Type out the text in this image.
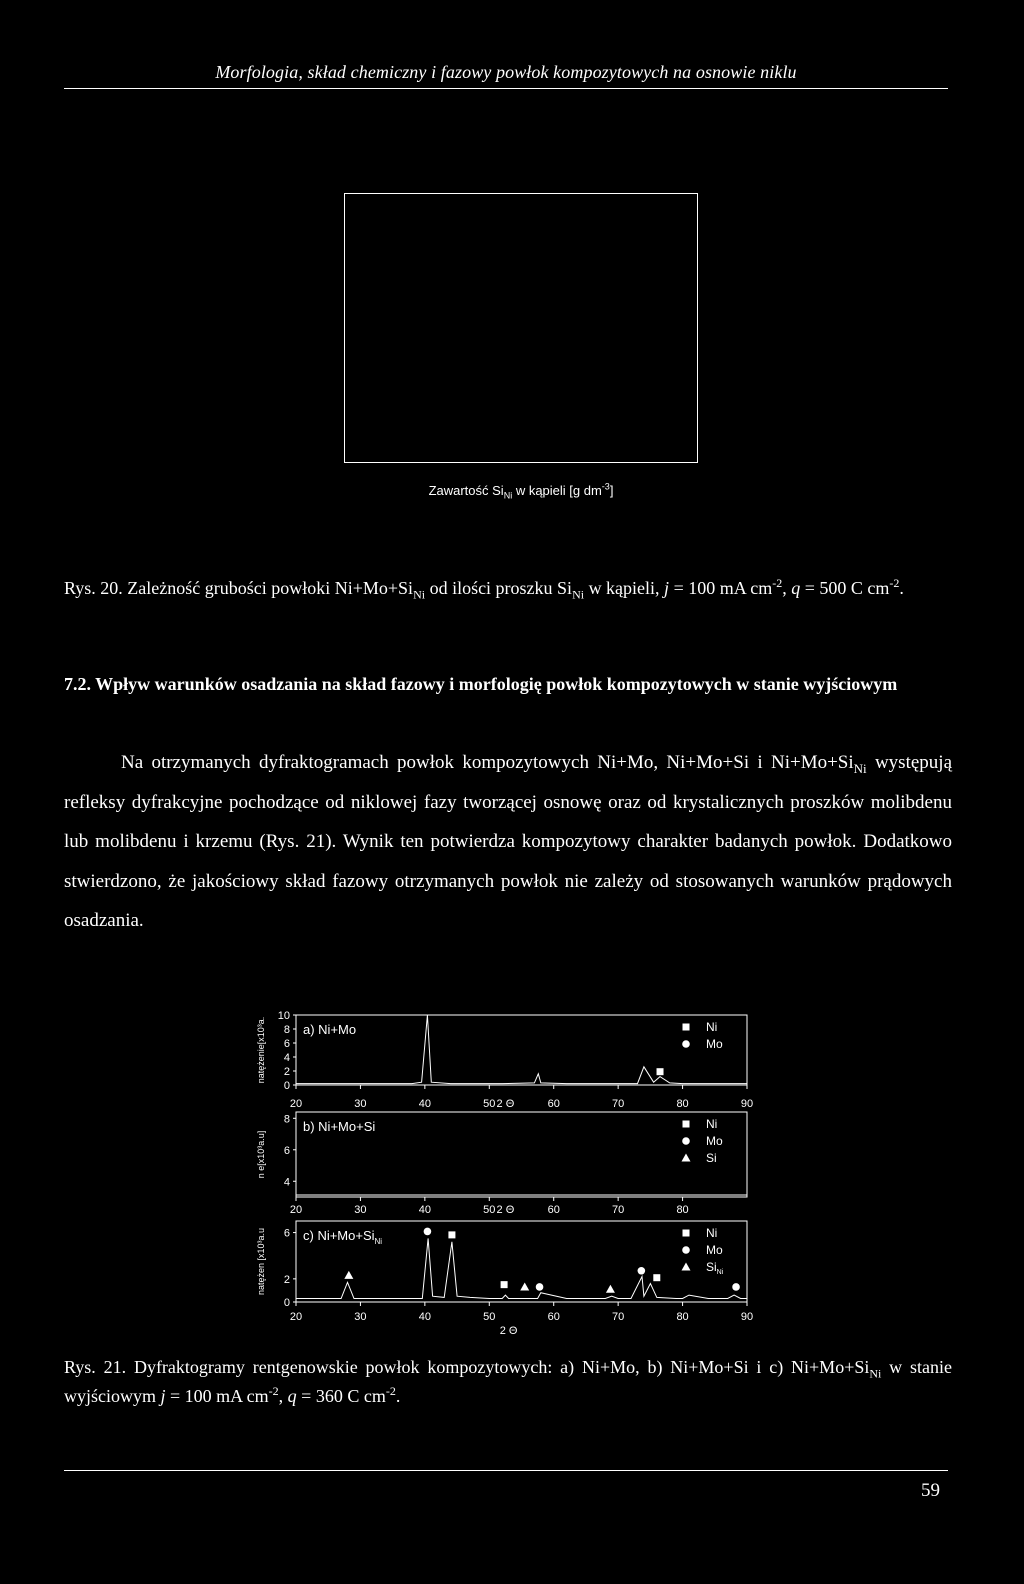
Morfologia, skład chemiczny i fazowy powłok kompozytowych na osnowie niklu
Zawartość $Si_{Ni}$ w kąpieli [g $dm^{-3}$]
Rys. 20. Zależność grubości powłoki $Ni+Mo+Si_{Ni}$ od ilości proszku $Si_{Ni}$ w kąpieli, j = 100 mA $cm^{-2}$, q = 500 C $cm^{-2}$.
7.2. Wpływ warunków osadzania na skład fazowy i morfologię powłok kompozytowych w stanie wyjściowym
Na otrzymanych dyfraktogramach powłok kompozytowych Ni+Mo, Ni+Mo+Si i $Ni+Mo+Si_{Ni}$ występują refleksy dyfrakcyjne pochodzące od niklowej fazy tworzącej osnowę oraz od krystalicznych proszków molibdenu lub molibdenu i krzemu (Rys. 21). Wynik ten potwierdza kompozytowy charakter badanych powłok. Dodatkowo stwierdzono, że jakościowy skład fazowy otrzymanych powłok nie zależy od stosowanych warunków prądowych osadzania.
0
2
4
6
8
10
natężenie[x10³a.
20	30	40	50	60	70	80	90
2 Θ
a) Ni+Mo	Ni
Mo
4
6
8
n e[x10³a.u]
20	30	40	50	60	70	80
2 Θ
b) Ni+Mo+Si	Ni
Mo
Si
0
2
6
natężen [x10³a.u
20	30	40	50	60	70	80	90
2 Θ
c) $Ni+Mo+Si_{Ni}$
Ni
Mo
$Si_{Ni}$
Rys. 21. Dyfraktogramy rentgenowskie powłok kompozytowych: a) Ni+Mo, b) Ni+Mo+Si i c) $Ni+Mo+Si_{Ni}$ w stanie wyjściowym j = 100 mA $cm^{-2}$, q = 360 C $cm^{-2}$.
59
